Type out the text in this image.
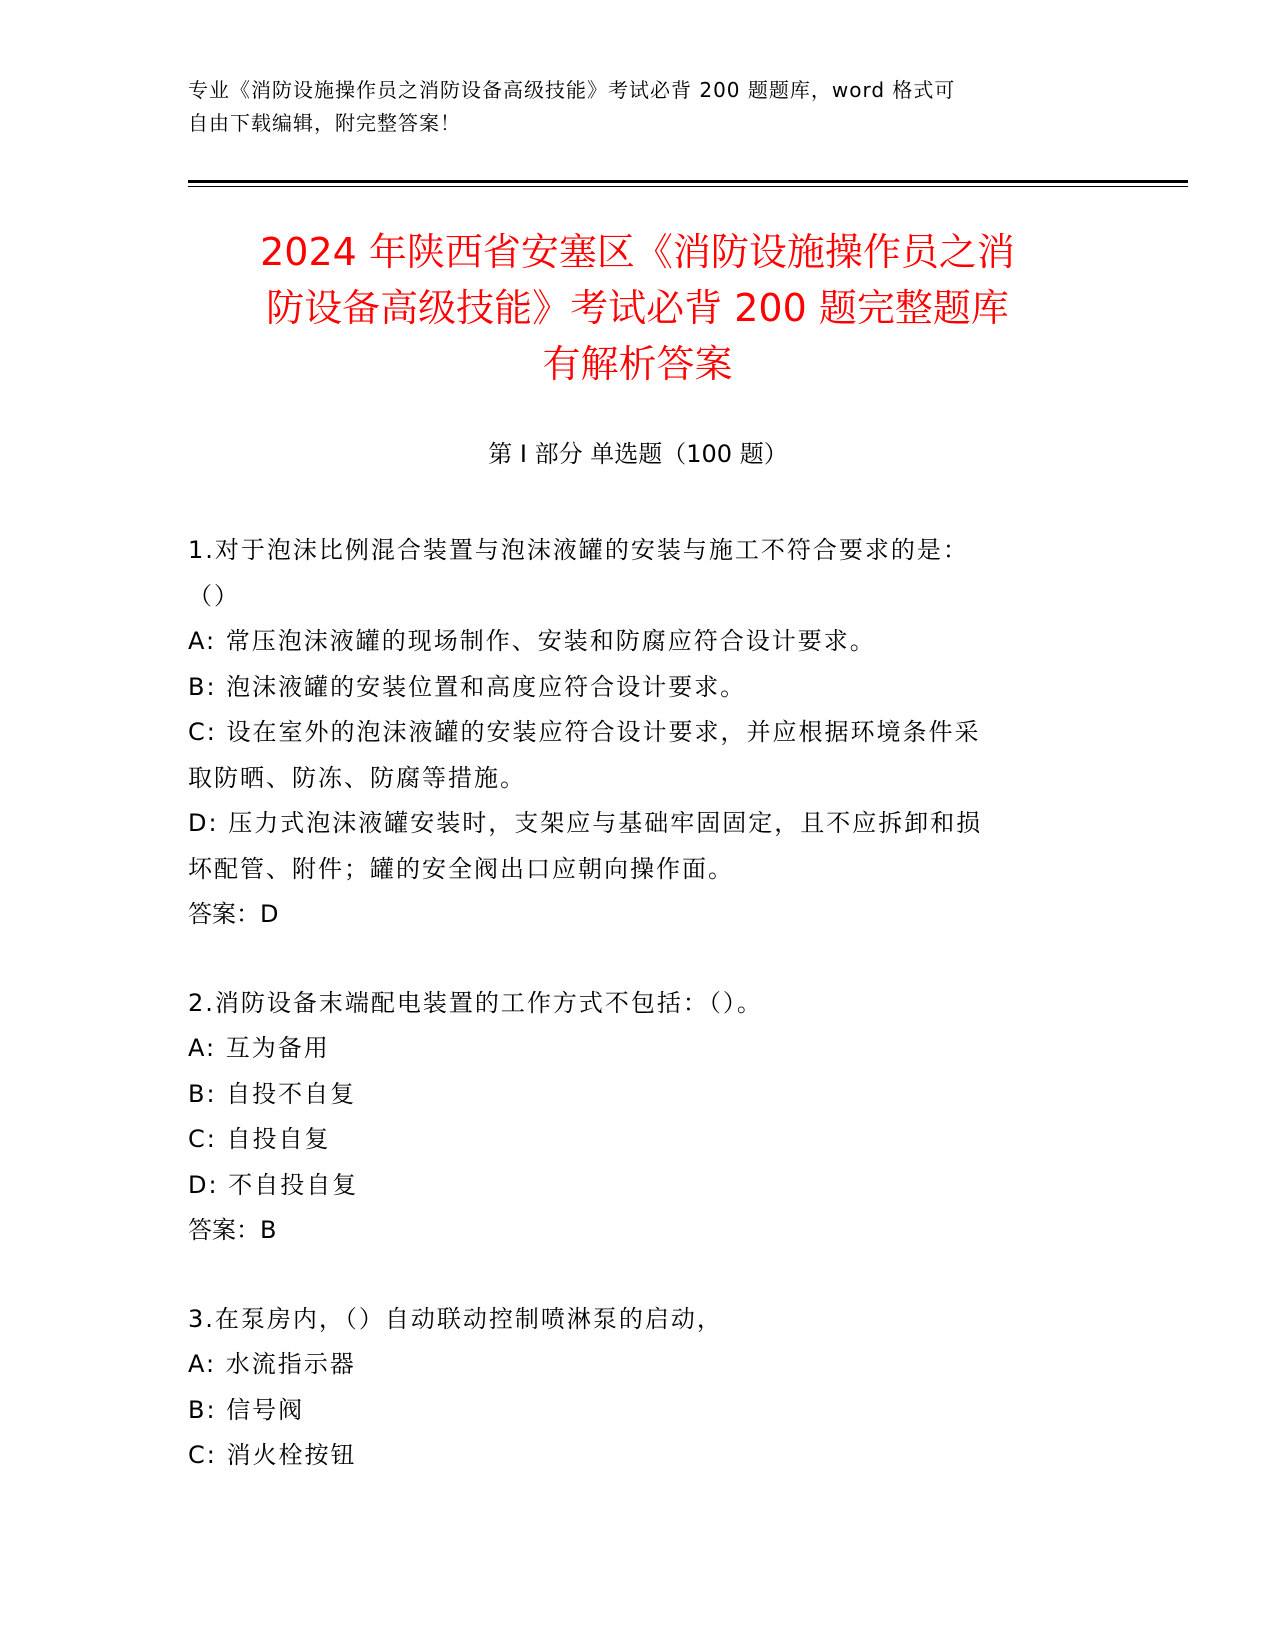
专业《消防设施操作员之消防设备高级技能》考试必背 200 题题库，word 格式可
自由下载编辑，附完整答案！
2024 年陕西省安塞区《消防设施操作员之消
防设备高级技能》考试必背 200 题完整题库
有解析答案
第 I 部分 单选题（100 题）

1.对于泡沫比例混合装置与泡沫液罐的安装与施工不符合要求的是：

（）

A: 常压泡沫液罐的现场制作、安装和防腐应符合设计要求。

B: 泡沫液罐的安装位置和高度应符合设计要求。

C: 设在室外的泡沫液罐的安装应符合设计要求，并应根据环境条件采

取防晒、防冻、防腐等措施。

D: 压力式泡沫液罐安装时，支架应与基础牢固固定，且不应拆卸和损

坏配管、附件；罐的安全阀出口应朝向操作面。

答案：D

2.消防设备末端配电装置的工作方式不包括：（）。

A: 互为备用

B: 自投不自复

C: 自投自复

D: 不自投自复

答案：B

3.在泵房内，（）自动联动控制喷淋泵的启动，

A: 水流指示器

B: 信号阀

C: 消火栓按钮
